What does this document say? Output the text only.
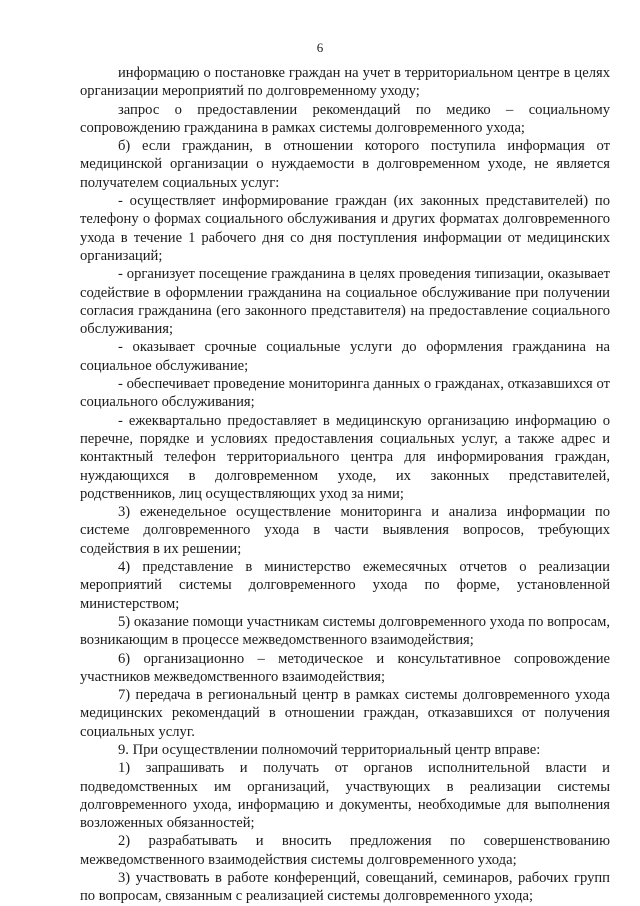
6

информацию о постановке граждан на учет в территориальном центре в целях организации мероприятий по долговременному уходу;

запрос о предоставлении рекомендаций по медико – социальному сопровождению гражданина в рамках системы долговременного ухода;

б) если гражданин, в отношении которого поступила информация от медицинской организации о нуждаемости в долговременном уходе, не является получателем социальных услуг:

- осуществляет информирование граждан (их законных представителей) по телефону о формах социального обслуживания и других форматах долговременного ухода в течение 1 рабочего дня со дня поступления информации от медицинских организаций;

- организует посещение гражданина в целях проведения типизации, оказывает содействие в оформлении гражданина на социальное обслуживание при получении согласия гражданина (его законного представителя) на предоставление социального обслуживания;

- оказывает срочные социальные услуги до оформления гражданина на социальное обслуживание;

- обеспечивает проведение мониторинга данных о гражданах, отказавшихся от социального обслуживания;

- ежеквартально предоставляет в медицинскую организацию информацию о перечне, порядке и условиях предоставления социальных услуг, а также адрес и контактный телефон территориального центра для информирования граждан, нуждающихся в долговременном уходе, их законных представителей, родственников, лиц осуществляющих уход за ними;

3) еженедельное осуществление мониторинга и анализа информации по системе долговременного ухода в части выявления вопросов, требующих содействия в их решении;

4) представление в министерство ежемесячных отчетов о реализации мероприятий системы долговременного ухода по форме, установленной министерством;

5) оказание помощи участникам системы долговременного ухода по вопросам, возникающим в процессе межведомственного взаимодействия;

6) организационно – методическое и консультативное сопровождение участников межведомственного взаимодействия;

7) передача в региональный центр в рамках системы долговременного ухода медицинских рекомендаций в отношении граждан, отказавшихся от получения социальных услуг.

9. При осуществлении полномочий территориальный центр вправе:

1) запрашивать и получать от органов исполнительной власти и подведомственных им организаций, участвующих в реализации системы долговременного ухода, информацию и документы, необходимые для выполнения возложенных обязанностей;

2) разрабатывать и вносить предложения по совершенствованию межведомственного взаимодействия системы долговременного ухода;

3) участвовать в работе конференций, совещаний, семинаров, рабочих групп по вопросам, связанным с реализацией системы долговременного ухода;
